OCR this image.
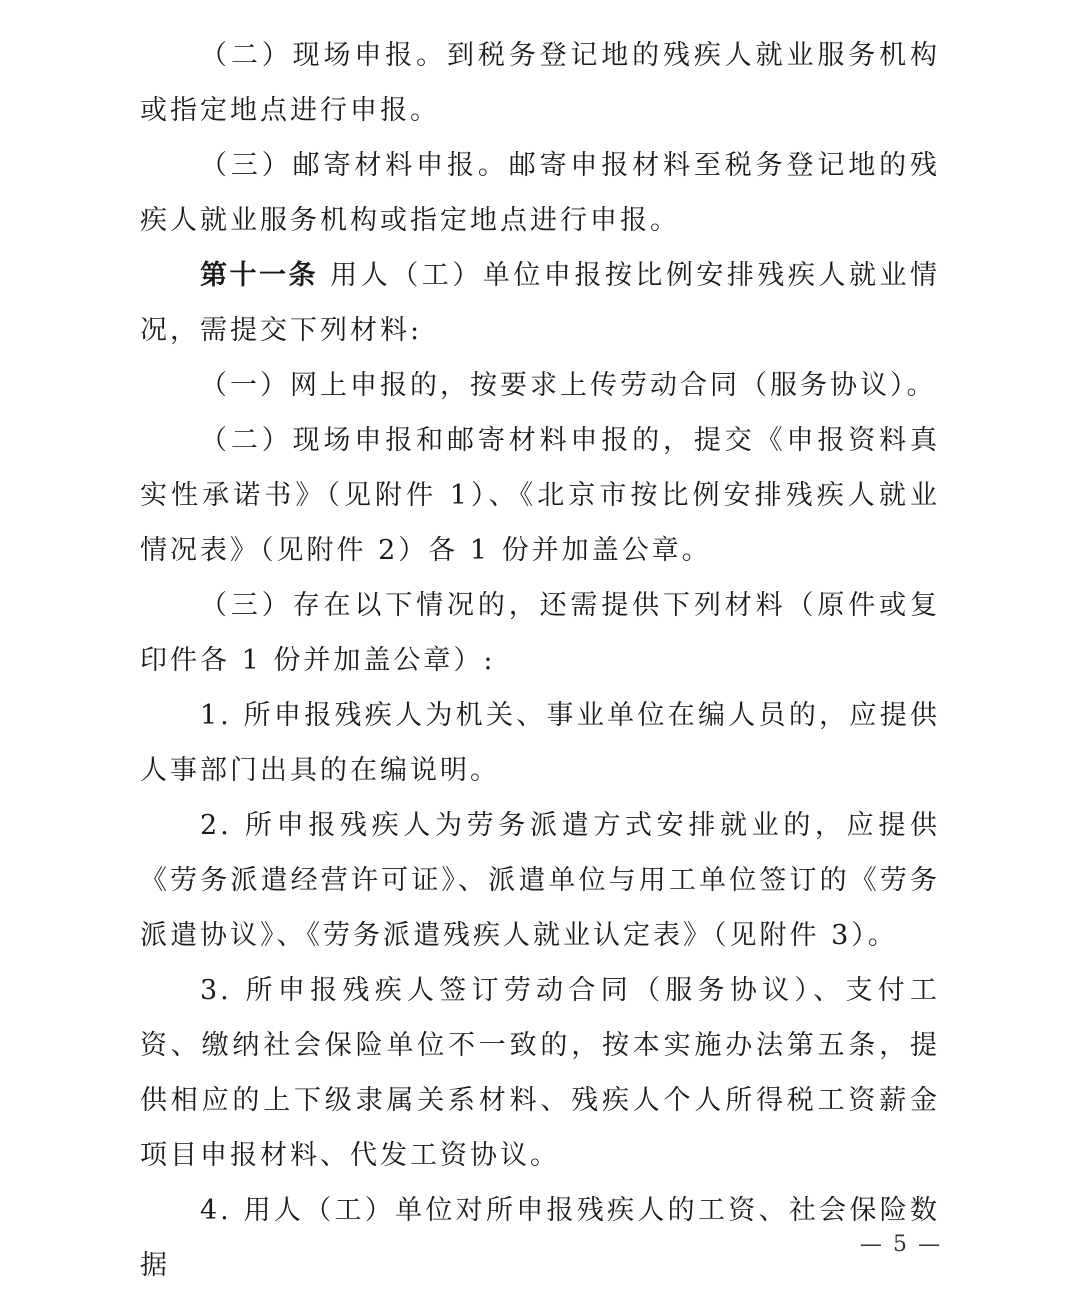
（二）现场申报。到税务登记地的残疾人就业服务机构或指定地点进行申报。

（三）邮寄材料申报。邮寄申报材料至税务登记地的残疾人就业服务机构或指定地点进行申报。

第十一条 用人（工）单位申报按比例安排残疾人就业情况，需提交下列材料:

（一）网上申报的，按要求上传劳动合同（服务协议）。

（二）现场申报和邮寄材料申报的，提交《申报资料真实性承诺书》（见附件 1）、《北京市按比例安排残疾人就业情况表》（见附件 2）各 1 份并加盖公章。

（三）存在以下情况的，还需提供下列材料（原件或复印件各 1 份并加盖公章）:

1. 所申报残疾人为机关、事业单位在编人员的，应提供人事部门出具的在编说明。

2. 所申报残疾人为劳务派遣方式安排就业的，应提供《劳务派遣经营许可证》、派遣单位与用工单位签订的《劳务派遣协议》、《劳务派遣残疾人就业认定表》（见附件 3）。

3. 所申报残疾人签订劳动合同（服务协议）、支付工资、缴纳社会保险单位不一致的，按本实施办法第五条，提供相应的上下级隶属关系材料、残疾人个人所得税工资薪金项目申报材料、代发工资协议。

4. 用人（工）单位对所申报残疾人的工资、社会保险数据

— 5 —
